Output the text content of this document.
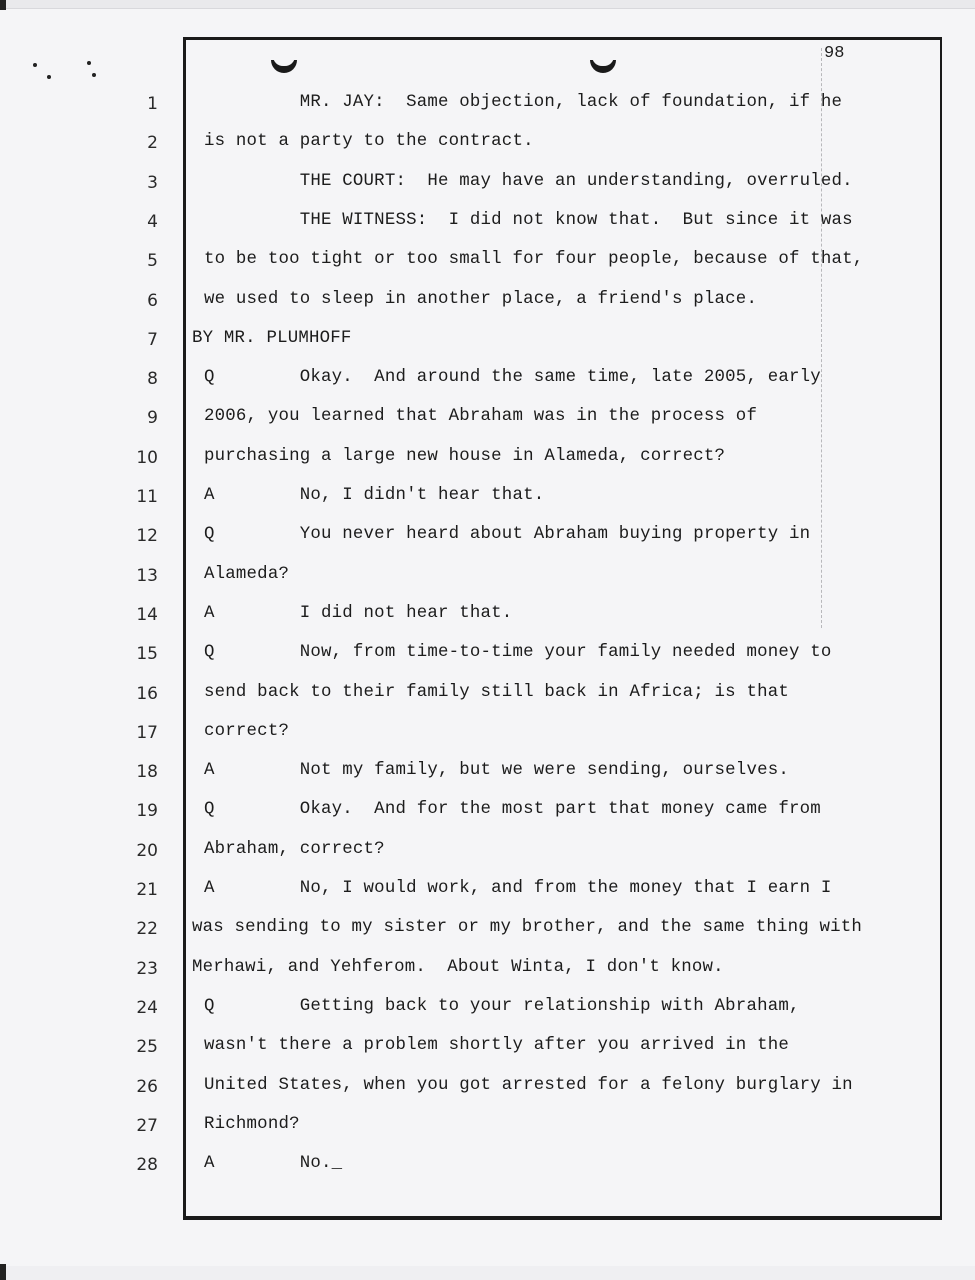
98
1	MR. JAY:  Same objection, lack of foundation, if he
2	is not a party to the contract.
3	THE COURT:  He may have an understanding, overruled.
4	THE WITNESS:  I did not know that.  But since it was
5	to be too tight or too small for four people, because of that,
6	we used to sleep in another place, a friend's place.
7 BY MR. PLUMHOFF
8	Q        Okay.  And around the same time, late 2005, early
9	2006, you learned that Abraham was in the process of
10	purchasing a large new house in Alameda, correct?
11	A        No, I didn't hear that.
12	Q        You never heard about Abraham buying property in
13	Alameda?
14	A        I did not hear that.
15	Q        Now, from time-to-time your family needed money to
16	send back to their family still back in Africa; is that
17	correct?
18	A        Not my family, but we were sending, ourselves.
19	Q        Okay.  And for the most part that money came from
20	Abraham, correct?
21	A        No, I would work, and from the money that I earn I
22 was sending to my sister or my brother, and the same thing with
23 Merhawi, and Yehferom.  About Winta, I don't know.
24	Q        Getting back to your relationship with Abraham,
25	wasn't there a problem shortly after you arrived in the
26	United States, when you got arrested for a felony burglary in
27	Richmond?
28	A        No._
